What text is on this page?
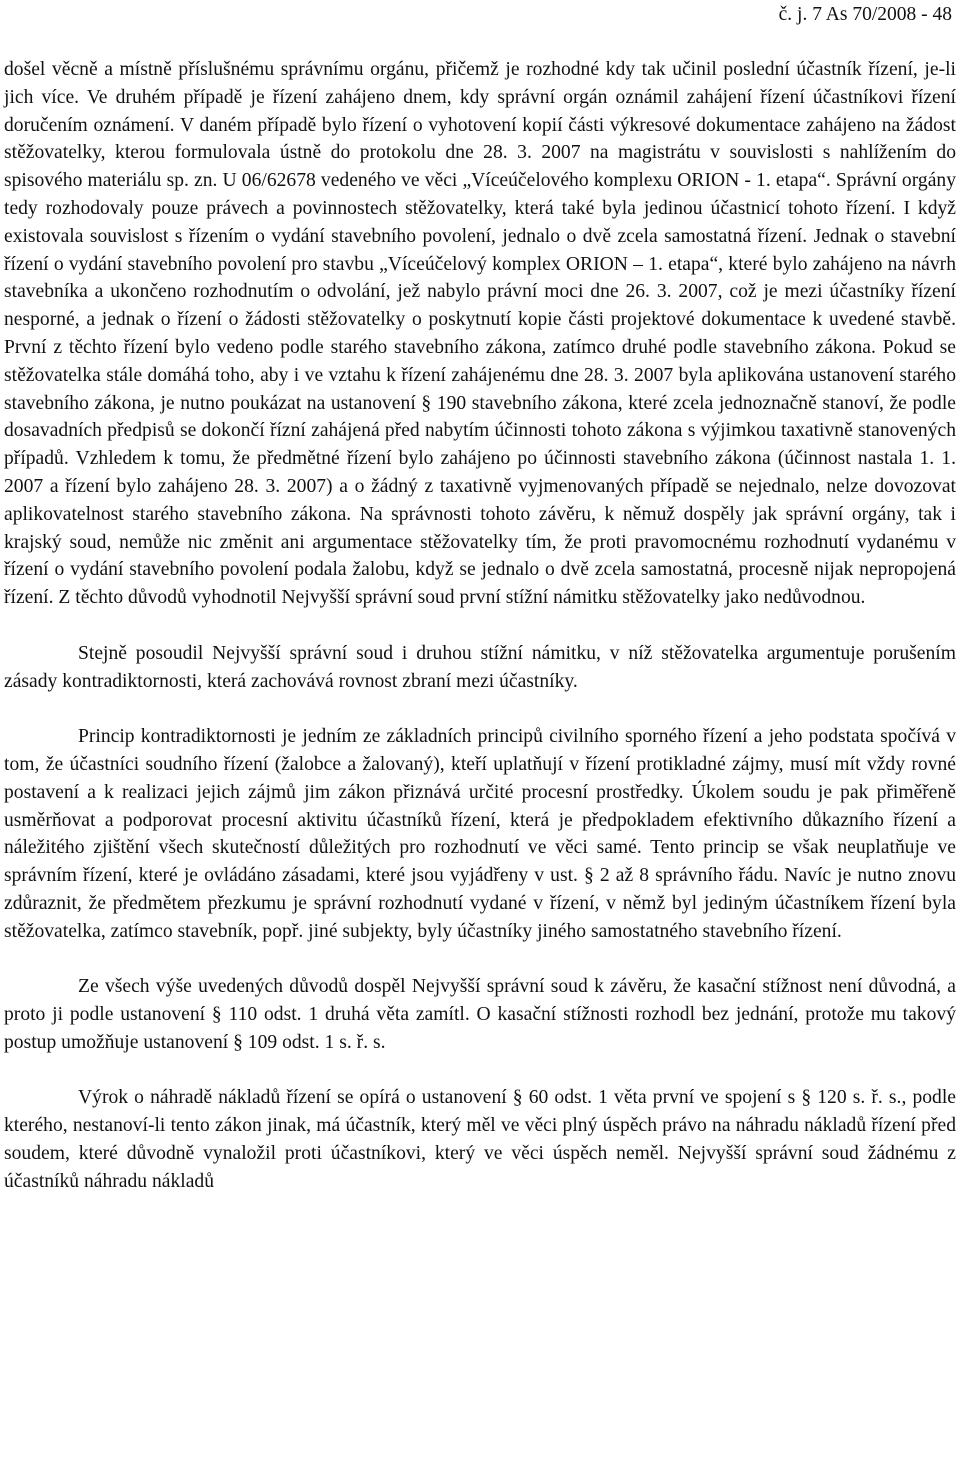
č. j. 7 As 70/2008 - 48

došel věcně a místně příslušnému správnímu orgánu, přičemž je rozhodné kdy tak učinil poslední účastník řízení, je-li jich více. Ve druhém případě je řízení zahájeno dnem, kdy správní orgán oznámil zahájení řízení účastníkovi řízení doručením oznámení. V daném případě bylo řízení o vyhotovení kopií části výkresové dokumentace zahájeno na žádost stěžovatelky, kterou formulovala ústně do protokolu dne 28. 3. 2007 na magistrátu v souvislosti s nahlížením do spisového materiálu sp. zn. U 06/62678 vedeného ve věci „Víceúčelového komplexu ORION - 1. etapa“. Správní orgány tedy rozhodovaly pouze právech a povinnostech stěžovatelky, která také byla jedinou účastnicí tohoto řízení. I když existovala souvislost s řízením o vydání stavebního povolení, jednalo o dvě zcela samostatná řízení. Jednak o stavební řízení o vydání stavebního povolení pro stavbu „Víceúčelový komplex ORION – 1. etapa“, které bylo zahájeno na návrh stavebníka a ukončeno rozhodnutím o odvolání, jež nabylo právní moci dne 26. 3. 2007, což je mezi účastníky řízení nesporné, a jednak o řízení o žádosti stěžovatelky o poskytnutí kopie části projektové dokumentace k uvedené stavbě. První z těchto řízení bylo vedeno podle starého stavebního zákona, zatímco druhé podle stavebního zákona. Pokud se stěžovatelka stále domáhá toho, aby i ve vztahu k řízení zahájenému dne 28. 3. 2007 byla aplikována ustanovení starého stavebního zákona, je nutno poukázat na ustanovení § 190 stavebního zákona, které zcela jednoznačně stanoví, že podle dosavadních předpisů se dokončí řízní zahájená před nabytím účinnosti tohoto zákona s výjimkou taxativně stanovených případů. Vzhledem k tomu, že předmětné řízení bylo zahájeno po účinnosti stavebního zákona (účinnost nastala 1. 1. 2007 a řízení bylo zahájeno 28. 3. 2007) a o žádný z taxativně vyjmenovaných případě se nejednalo, nelze dovozovat aplikovatelnost starého stavebního zákona. Na správnosti tohoto závěru, k němuž dospěly jak správní orgány, tak i krajský soud, nemůže nic změnit ani argumentace stěžovatelky tím, že proti pravomocnému rozhodnutí vydanému v řízení o vydání stavebního povolení podala žalobu, když se jednalo o dvě zcela samostatná, procesně nijak nepropojená řízení. Z těchto důvodů vyhodnotil Nejvyšší správní soud první stížní námitku stěžovatelky jako nedůvodnou.

Stejně posoudil Nejvyšší správní soud i druhou stížní námitku, v níž stěžovatelka argumentuje porušením zásady kontradiktornosti, která zachovává rovnost zbraní mezi účastníky.

Princip kontradiktornosti je jedním ze základních principů civilního sporného řízení a jeho podstata spočívá v tom, že účastníci soudního řízení (žalobce a žalovaný), kteří uplatňují v řízení protikladné zájmy, musí mít vždy rovné postavení a k realizaci jejich zájmů jim zákon přiznává určité procesní prostředky. Úkolem soudu je pak přiměřeně usměrňovat a podporovat procesní aktivitu účastníků řízení, která je předpokladem efektivního důkazního řízení a náležitého zjištění všech skutečností důležitých pro rozhodnutí ve věci samé. Tento princip se však neuplatňuje ve správním řízení, které je ovládáno zásadami, které jsou vyjádřeny v ust. § 2 až 8 správního řádu. Navíc je nutno znovu zdůraznit, že předmětem přezkumu je správní rozhodnutí vydané v řízení, v němž byl jediným účastníkem řízení byla stěžovatelka, zatímco stavebník, popř. jiné subjekty, byly účastníky jiného samostatného stavebního řízení.

Ze všech výše uvedených důvodů dospěl Nejvyšší správní soud k závěru, že kasační stížnost není důvodná, a proto ji podle ustanovení § 110 odst. 1 druhá věta zamítl. O kasační stížnosti rozhodl bez jednání, protože mu takový postup umožňuje ustanovení § 109 odst. 1 s. ř. s.

Výrok o náhradě nákladů řízení se opírá o ustanovení § 60 odst. 1 věta první ve spojení s § 120 s. ř. s., podle kterého, nestanoví-li tento zákon jinak, má účastník, který měl ve věci plný úspěch právo na náhradu nákladů řízení před soudem, které důvodně vynaložil proti účastníkovi, který ve věci úspěch neměl. Nejvyšší správní soud žádnému z účastníků náhradu nákladů
